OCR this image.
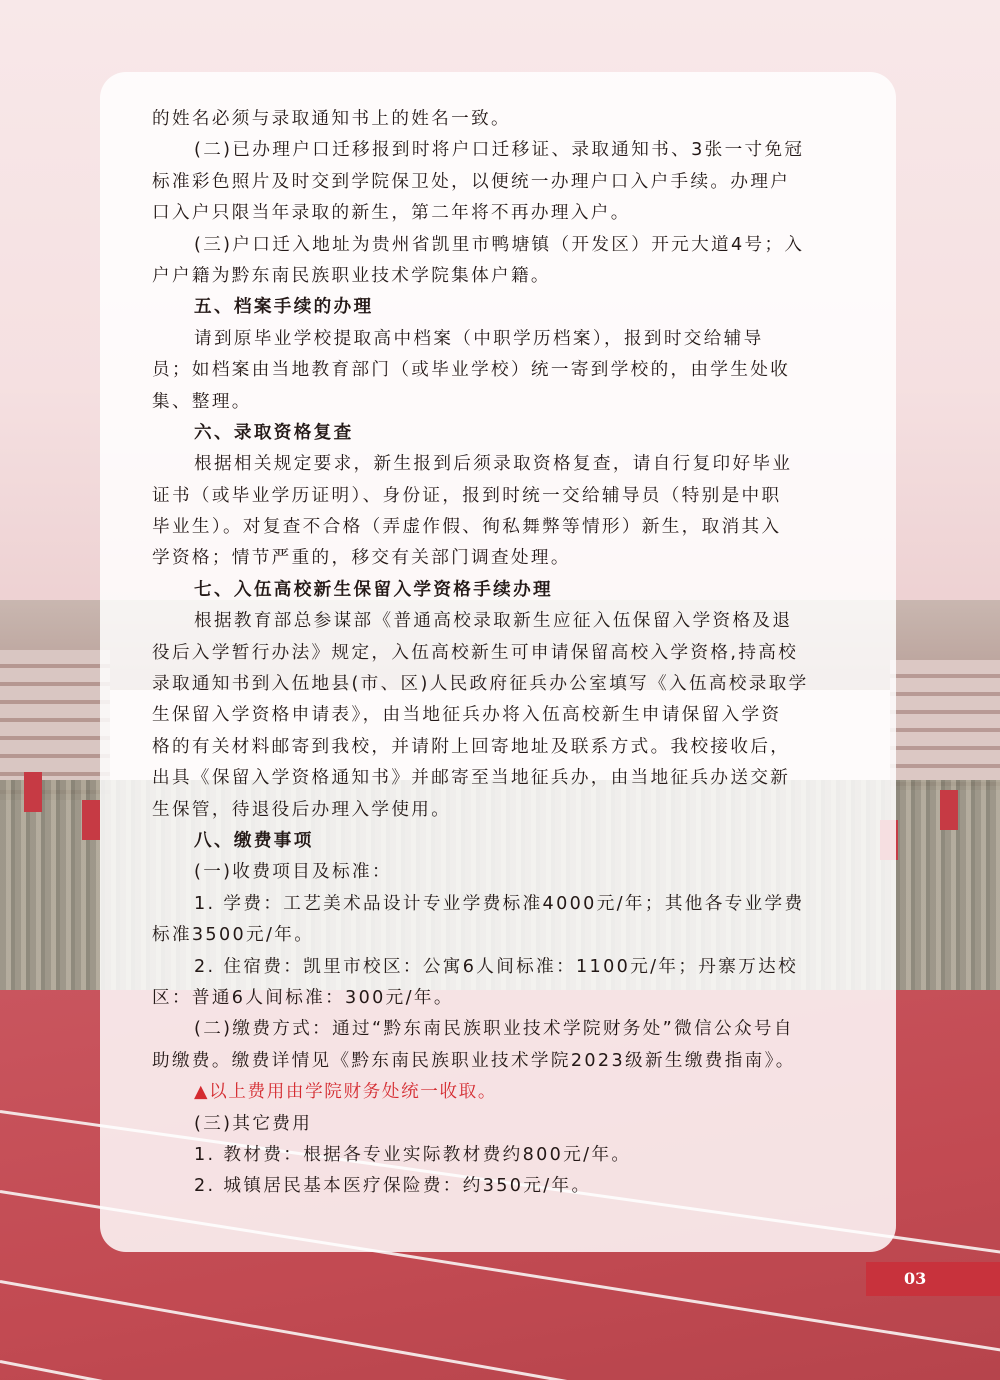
的姓名必须与录取通知书上的姓名一致。
(二)已办理户口迁移报到时将户口迁移证、录取通知书、3张一寸免冠
标准彩色照片及时交到学院保卫处，以便统一办理户口入户手续。办理户
口入户只限当年录取的新生，第二年将不再办理入户。
(三)户口迁入地址为贵州省凯里市鸭塘镇（开发区）开元大道4号；入
户户籍为黔东南民族职业技术学院集体户籍。
五、档案手续的办理
请到原毕业学校提取高中档案（中职学历档案），报到时交给辅导
员；如档案由当地教育部门（或毕业学校）统一寄到学校的，由学生处收
集、整理。
六、录取资格复查
根据相关规定要求，新生报到后须录取资格复查，请自行复印好毕业
证书（或毕业学历证明）、身份证，报到时统一交给辅导员（特别是中职
毕业生）。对复查不合格（弄虚作假、徇私舞弊等情形）新生，取消其入
学资格；情节严重的，移交有关部门调查处理。
七、入伍高校新生保留入学资格手续办理
根据教育部总参谋部《普通高校录取新生应征入伍保留入学资格及退
役后入学暂行办法》规定，入伍高校新生可申请保留高校入学资格,持高校
录取通知书到入伍地县(市、区)人民政府征兵办公室填写《入伍高校录取学
生保留入学资格申请表》，由当地征兵办将入伍高校新生申请保留入学资
格的有关材料邮寄到我校，并请附上回寄地址及联系方式。我校接收后，
出具《保留入学资格通知书》并邮寄至当地征兵办，由当地征兵办送交新
生保管，待退役后办理入学使用。
八、缴费事项
(一)收费项目及标准：
1. 学费：工艺美术品设计专业学费标准4000元/年；其他各专业学费
标准3500元/年。
2. 住宿费：凯里市校区：公寓6人间标准：1100元/年；丹寨万达校
区：普通6人间标准：300元/年。
(二)缴费方式：通过“黔东南民族职业技术学院财务处”微信公众号自
助缴费。缴费详情见《黔东南民族职业技术学院2023级新生缴费指南》。
▲以上费用由学院财务处统一收取。
(三)其它费用
1. 教材费：根据各专业实际教材费约800元/年。
2. 城镇居民基本医疗保险费：约350元/年。
03
